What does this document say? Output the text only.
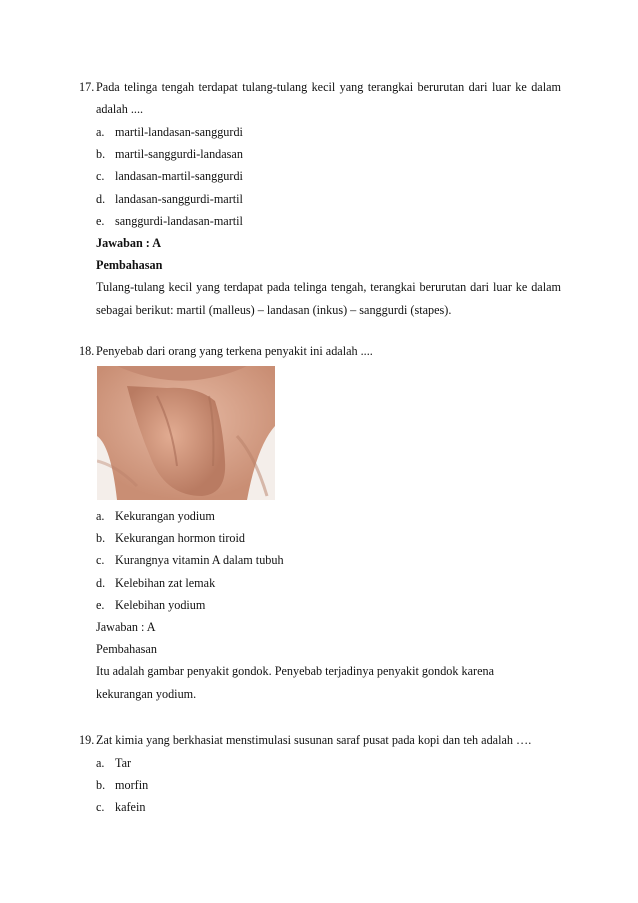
17. Pada telinga tengah terdapat tulang-tulang kecil yang terangkai berurutan dari luar ke dalam adalah ....
a. martil-landasan-sanggurdi
b. martil-sanggurdi-landasan
c. landasan-martil-sanggurdi
d. landasan-sanggurdi-martil
e. sanggurdi-landasan-martil
Jawaban : A
Pembahasan
Tulang-tulang kecil yang terdapat pada telinga tengah, terangkai berurutan dari luar ke dalam sebagai berikut: martil (malleus) – landasan (inkus) – sanggurdi (stapes).
18. Penyebab dari orang yang terkena penyakit ini adalah ....
a. Kekurangan yodium
b. Kekurangan hormon tiroid
c. Kurangnya vitamin A dalam tubuh
d. Kelebihan zat lemak
e. Kelebihan yodium
Jawaban : A
Pembahasan
Itu adalah gambar penyakit gondok. Penyebab terjadinya penyakit gondok karena
kekurangan yodium.
19. Zat kimia yang berkhasiat menstimulasi susunan saraf pusat pada kopi dan teh adalah ….
a. Tar
b. morfin
c. kafein
